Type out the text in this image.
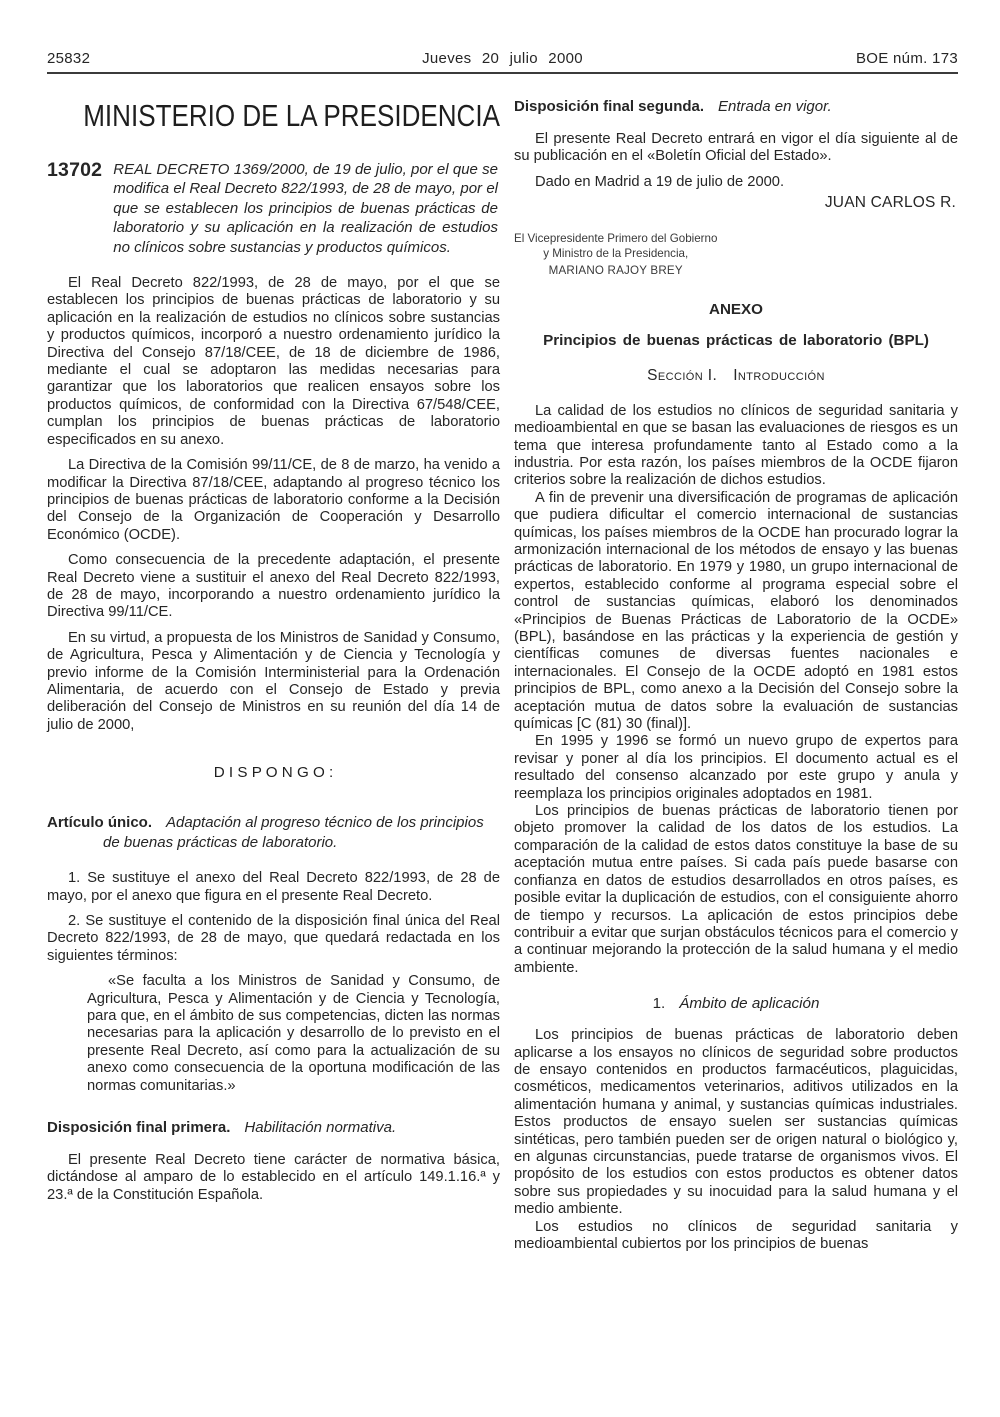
25832	Jueves 20 julio 2000	BOE núm. 173
MINISTERIO DE LA PRESIDENCIA
13702 REAL DECRETO 1369/2000, de 19 de julio, por el que se modifica el Real Decreto 822/1993, de 28 de mayo, por el que se establecen los principios de buenas prácticas de laboratorio y su aplicación en la realización de estudios no clínicos sobre sustancias y productos químicos.

El Real Decreto 822/1993, de 28 de mayo, por el que se establecen los principios de buenas prácticas de laboratorio y su aplicación en la realización de estudios no clínicos sobre sustancias y productos químicos, incorporó a nuestro ordenamiento jurídico la Directiva del Consejo 87/18/CEE, de 18 de diciembre de 1986, mediante el cual se adoptaron las medidas necesarias para garantizar que los laboratorios que realicen ensayos sobre los productos químicos, de conformidad con la Directiva 67/548/CEE, cumplan los principios de buenas prácticas de laboratorio especificados en su anexo.

La Directiva de la Comisión 99/11/CE, de 8 de marzo, ha venido a modificar la Directiva 87/18/CEE, adaptando al progreso técnico los principios de buenas prácticas de laboratorio conforme a la Decisión del Consejo de la Organización de Cooperación y Desarrollo Económico (OCDE).

Como consecuencia de la precedente adaptación, el presente Real Decreto viene a sustituir el anexo del Real Decreto 822/1993, de 28 de mayo, incorporando a nuestro ordenamiento jurídico la Directiva 99/11/CE.

En su virtud, a propuesta de los Ministros de Sanidad y Consumo, de Agricultura, Pesca y Alimentación y de Ciencia y Tecnología y previo informe de la Comisión Interministerial para la Ordenación Alimentaria, de acuerdo con el Consejo de Estado y previa deliberación del Consejo de Ministros en su reunión del día 14 de julio de 2000,

D I S P O N G O :
Artículo único. Adaptación al progreso técnico de los principios de buenas prácticas de laboratorio.

1. Se sustituye el anexo del Real Decreto 822/1993, de 28 de mayo, por el anexo que figura en el presente Real Decreto.

2. Se sustituye el contenido de la disposición final única del Real Decreto 822/1993, de 28 de mayo, que quedará redactada en los siguientes términos:

«Se faculta a los Ministros de Sanidad y Consumo, de Agricultura, Pesca y Alimentación y de Ciencia y Tecnología, para que, en el ámbito de sus competencias, dicten las normas necesarias para la aplicación y desarrollo de lo previsto en el presente Real Decreto, así como para la actualización de su anexo como consecuencia de la oportuna modificación de las normas comunitarias.»

Disposición final primera. Habilitación normativa.

El presente Real Decreto tiene carácter de normativa básica, dictándose al amparo de lo establecido en el artículo 149.1.16.ª y 23.ª de la Constitución Española.

Disposición final segunda. Entrada en vigor.

El presente Real Decreto entrará en vigor el día siguiente al de su publicación en el «Boletín Oficial del Estado».

Dado en Madrid a 19 de julio de 2000.

JUAN CARLOS R.
El Vicepresidente Primero del Gobierno
y Ministro de la Presidencia,
MARIANO RAJOY BREY
ANEXO
Principios de buenas prácticas de laboratorio (BPL)
Sección I. Introducción

La calidad de los estudios no clínicos de seguridad sanitaria y medioambiental en que se basan las evaluaciones de riesgos es un tema que interesa profundamente tanto al Estado como a la industria. Por esta razón, los países miembros de la OCDE fijaron criterios sobre la realización de dichos estudios.

A fin de prevenir una diversificación de programas de aplicación que pudiera dificultar el comercio internacional de sustancias químicas, los países miembros de la OCDE han procurado lograr la armonización internacional de los métodos de ensayo y las buenas prácticas de laboratorio. En 1979 y 1980, un grupo internacional de expertos, establecido conforme al programa especial sobre el control de sustancias químicas, elaboró los denominados «Principios de Buenas Prácticas de Laboratorio de la OCDE» (BPL), basándose en las prácticas y la experiencia de gestión y científicas comunes de diversas fuentes nacionales e internacionales. El Consejo de la OCDE adoptó en 1981 estos principios de BPL, como anexo a la Decisión del Consejo sobre la aceptación mutua de datos sobre la evaluación de sustancias químicas [C (81) 30 (final)].

En 1995 y 1996 se formó un nuevo grupo de expertos para revisar y poner al día los principios. El documento actual es el resultado del consenso alcanzado por este grupo y anula y reemplaza los principios originales adoptados en 1981.

Los principios de buenas prácticas de laboratorio tienen por objeto promover la calidad de los datos de los estudios. La comparación de la calidad de estos datos constituye la base de su aceptación mutua entre países. Si cada país puede basarse con confianza en datos de estudios desarrollados en otros países, es posible evitar la duplicación de estudios, con el consiguiente ahorro de tiempo y recursos. La aplicación de estos principios debe contribuir a evitar que surjan obstáculos técnicos para el comercio y a continuar mejorando la protección de la salud humana y el medio ambiente.

1. Ámbito de aplicación

Los principios de buenas prácticas de laboratorio deben aplicarse a los ensayos no clínicos de seguridad sobre productos de ensayo contenidos en productos farmacéuticos, plaguicidas, cosméticos, medicamentos veterinarios, aditivos utilizados en la alimentación humana y animal, y sustancias químicas industriales. Estos productos de ensayo suelen ser sustancias químicas sintéticas, pero también pueden ser de origen natural o biológico y, en algunas circunstancias, puede tratarse de organismos vivos. El propósito de los estudios con estos productos es obtener datos sobre sus propiedades y su inocuidad para la salud humana y el medio ambiente.

Los estudios no clínicos de seguridad sanitaria y medioambiental cubiertos por los principios de buenas
